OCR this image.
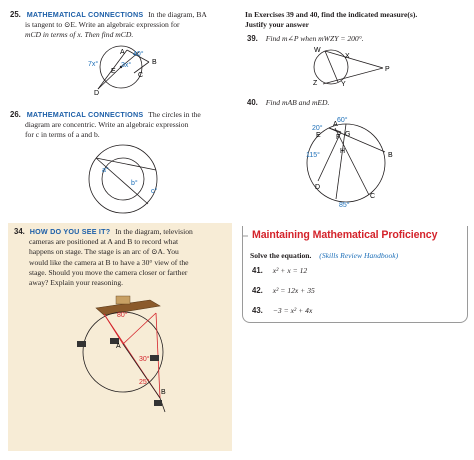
25. MATHEMATICAL CONNECTIONS In the diagram, BA
is tangent to ⊙E. Write an algebraic expression for
mCD in terms of x. Then find mCD.
A
B
C
D
E
40°
7x°	3x°
26. MATHEMATICAL CONNECTIONS The circles in the
diagram are concentric. Write an algebraic expression
for c in terms of a and b.
a°
b°
c°
In Exercises 39 and 40, find the indicated measure(s).
Justify your answer
39. Find m∠P when mWZY = 200°.
W
X
Y
Z
P
40. Find mAB and mED.
60°
20°
115°
85°
A
B
C
D
E F G
H
34. HOW DO YOU SEE IT? In the diagram, television
cameras are positioned at A and B to record what
happens on stage. The stage is an arc of ⊙A. You
would like the camera at B to have a 30° view of the
stage. Should you move the camera closer or farther
away? Explain your reasoning.
80°
30°
25°
A
B
Maintaining Mathematical Proficiency
Solve the equation. (Skills Review Handbook)
41. x² + x = 12
42. x² = 12x + 35
43. −3 = x² + 4x
